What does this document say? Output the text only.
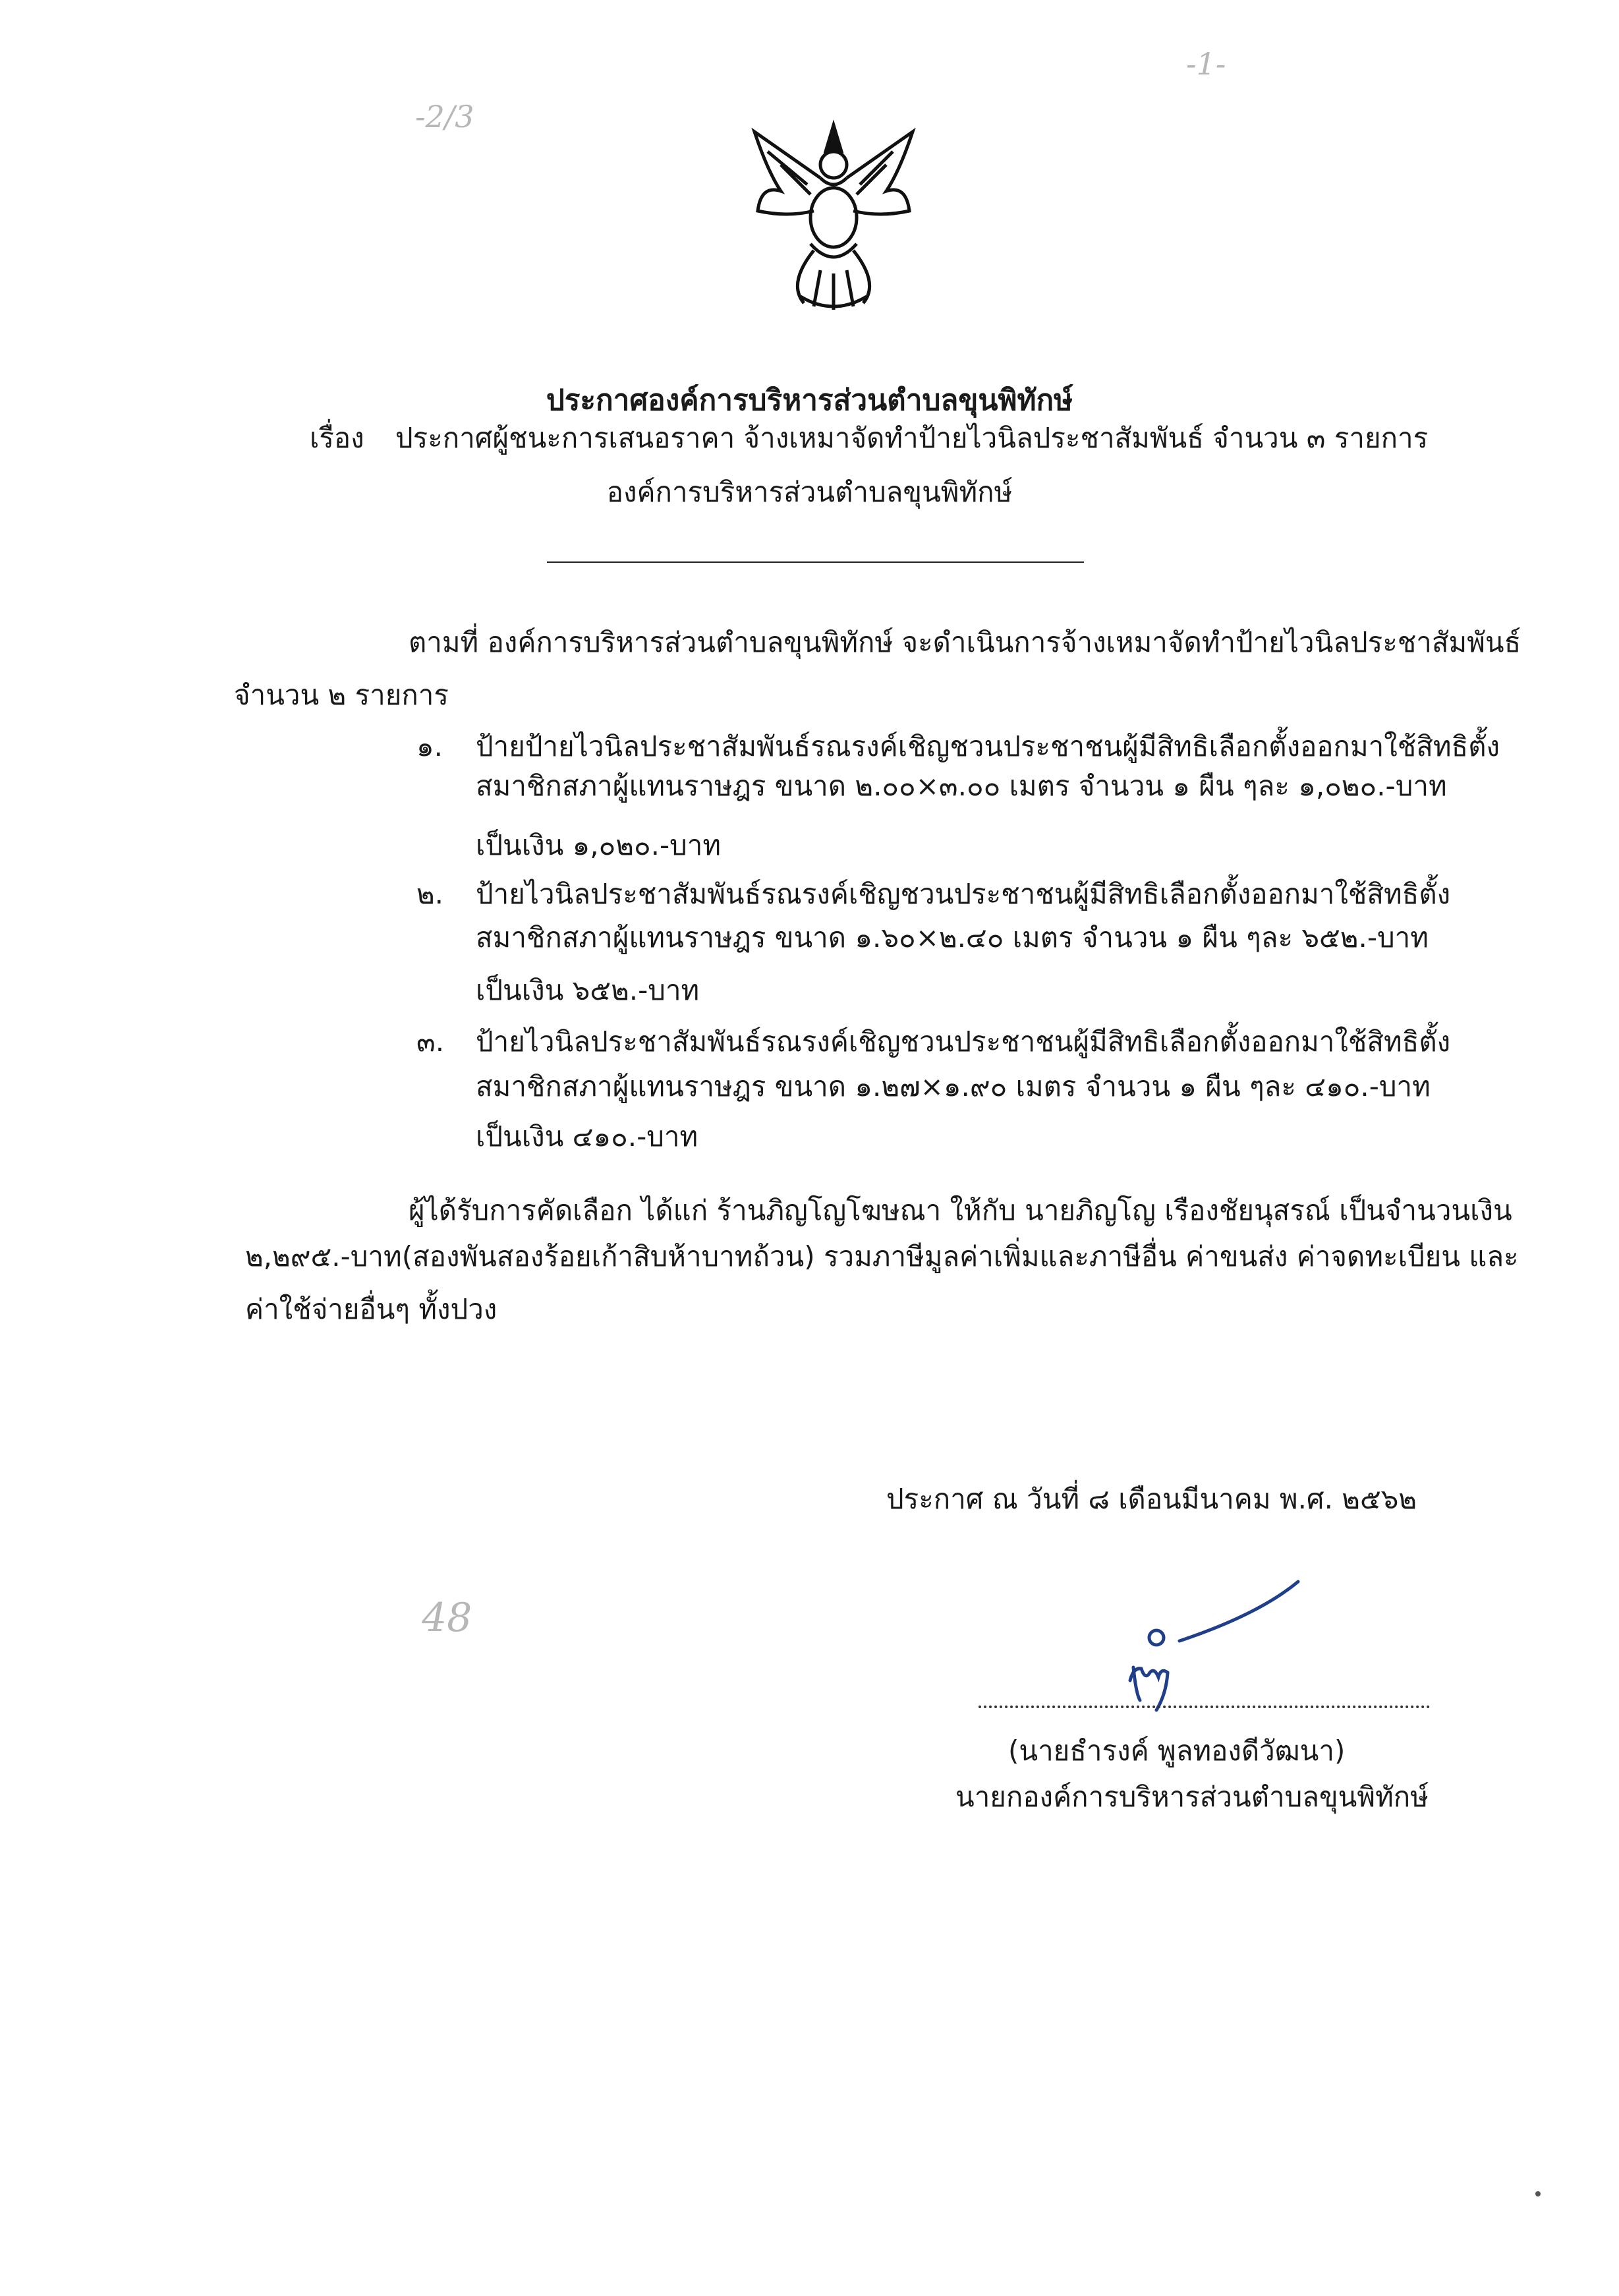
-2/3
-1-
ประกาศองค์การบริหารส่วนตำบลขุนพิทักษ์
เรื่อง ประกาศผู้ชนะการเสนอราคา จ้างเหมาจัดทำป้ายไวนิลประชาสัมพันธ์ จำนวน ๓ รายการ
องค์การบริหารส่วนตำบลขุนพิทักษ์
ตามที่ องค์การบริหารส่วนตำบลขุนพิทักษ์ จะดำเนินการจ้างเหมาจัดทำป้ายไวนิลประชาสัมพันธ์
จำนวน ๒ รายการ
๑. ป้ายป้ายไวนิลประชาสัมพันธ์รณรงค์เชิญชวนประชาชนผู้มีสิทธิเลือกตั้งออกมาใช้สิทธิตั้ง
สมาชิกสภาผู้แทนราษฎร ขนาด ๒.๐๐×๓.๐๐ เมตร จำนวน ๑ ผืน ๆละ ๑,๐๒๐.-บาท
เป็นเงิน ๑,๐๒๐.-บาท
๒. ป้ายไวนิลประชาสัมพันธ์รณรงค์เชิญชวนประชาชนผู้มีสิทธิเลือกตั้งออกมาใช้สิทธิตั้ง
สมาชิกสภาผู้แทนราษฎร ขนาด ๑.๖๐×๒.๔๐ เมตร จำนวน ๑ ผืน ๆละ ๖๕๒.-บาท
เป็นเงิน ๖๕๒.-บาท
๓. ป้ายไวนิลประชาสัมพันธ์รณรงค์เชิญชวนประชาชนผู้มีสิทธิเลือกตั้งออกมาใช้สิทธิตั้ง
สมาชิกสภาผู้แทนราษฎร ขนาด ๑.๒๗×๑.๙๐ เมตร จำนวน ๑ ผืน ๆละ ๔๑๐.-บาท
เป็นเงิน ๔๑๐.-บาท
ผู้ได้รับการคัดเลือก ได้แก่ ร้านภิญโญโฆษณา ให้กับ นายภิญโญ เรืองชัยนุสรณ์ เป็นจำนวนเงิน
๒,๒๙๕.-บาท(สองพันสองร้อยเก้าสิบห้าบาทถ้วน) รวมภาษีมูลค่าเพิ่มและภาษีอื่น ค่าขนส่ง ค่าจดทะเบียน และ
ค่าใช้จ่ายอื่นๆ ทั้งปวง
ประกาศ ณ วันที่ ๘ เดือนมีนาคม พ.ศ. ๒๕๖๒
48
(นายธำรงค์ พูลทองดีวัฒนา)
นายกองค์การบริหารส่วนตำบลขุนพิทักษ์
